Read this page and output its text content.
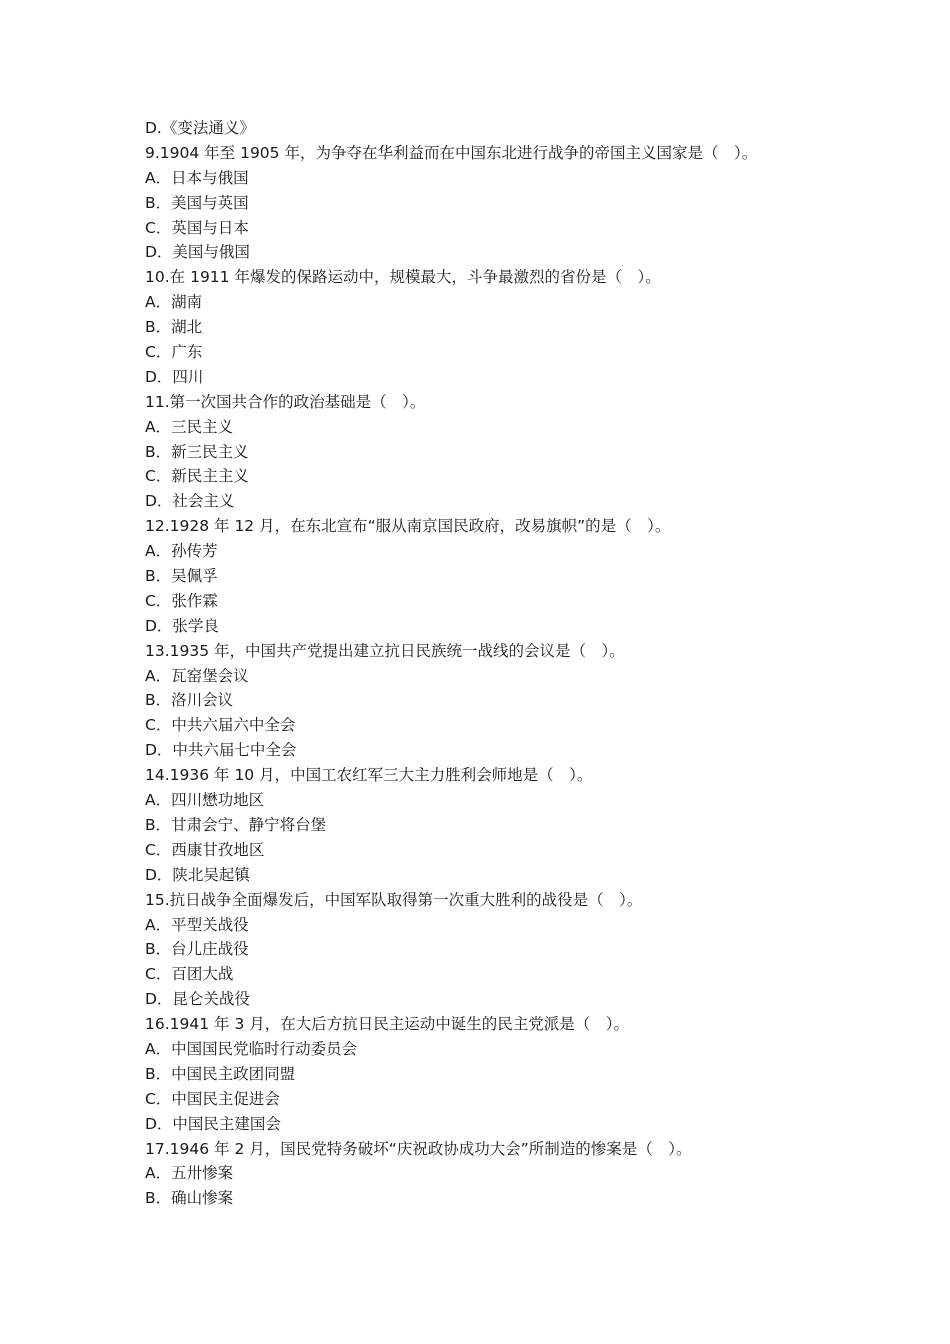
D.《变法通义》
9.1904 年至 1905 年，为争夺在华利益而在中国东北进行战争的帝国主义国家是（　）。
A．日本与俄国
B．美国与英国
C．英国与日本
D．美国与俄国
10.在 1911 年爆发的保路运动中，规模最大，斗争最激烈的省份是（　）。
A．湖南
B．湖北
C．广东
D．四川
11.第一次国共合作的政治基础是（　）。
A．三民主义
B．新三民主义
C．新民主主义
D．社会主义
12.1928 年 12 月，在东北宣布“服从南京国民政府，改易旗帜”的是（　）。
A．孙传芳
B．吴佩孚
C．张作霖
D．张学良
13.1935 年，中国共产党提出建立抗日民族统一战线的会议是（　）。
A．瓦窑堡会议
B．洛川会议
C．中共六届六中全会
D．中共六届七中全会
14.1936 年 10 月，中国工农红军三大主力胜利会师地是（　）。
A．四川懋功地区
B．甘肃会宁、静宁将台堡
C．西康甘孜地区
D．陕北吴起镇
15.抗日战争全面爆发后，中国军队取得第一次重大胜利的战役是（　）。
A．平型关战役
B．台儿庄战役
C．百团大战
D．昆仑关战役
16.1941 年 3 月，在大后方抗日民主运动中诞生的民主党派是（　）。
A．中国国民党临时行动委员会
B．中国民主政团同盟
C．中国民主促进会
D．中国民主建国会
17.1946 年 2 月，国民党特务破坏“庆祝政协成功大会”所制造的惨案是（　）。
A．五卅惨案
B．确山惨案
